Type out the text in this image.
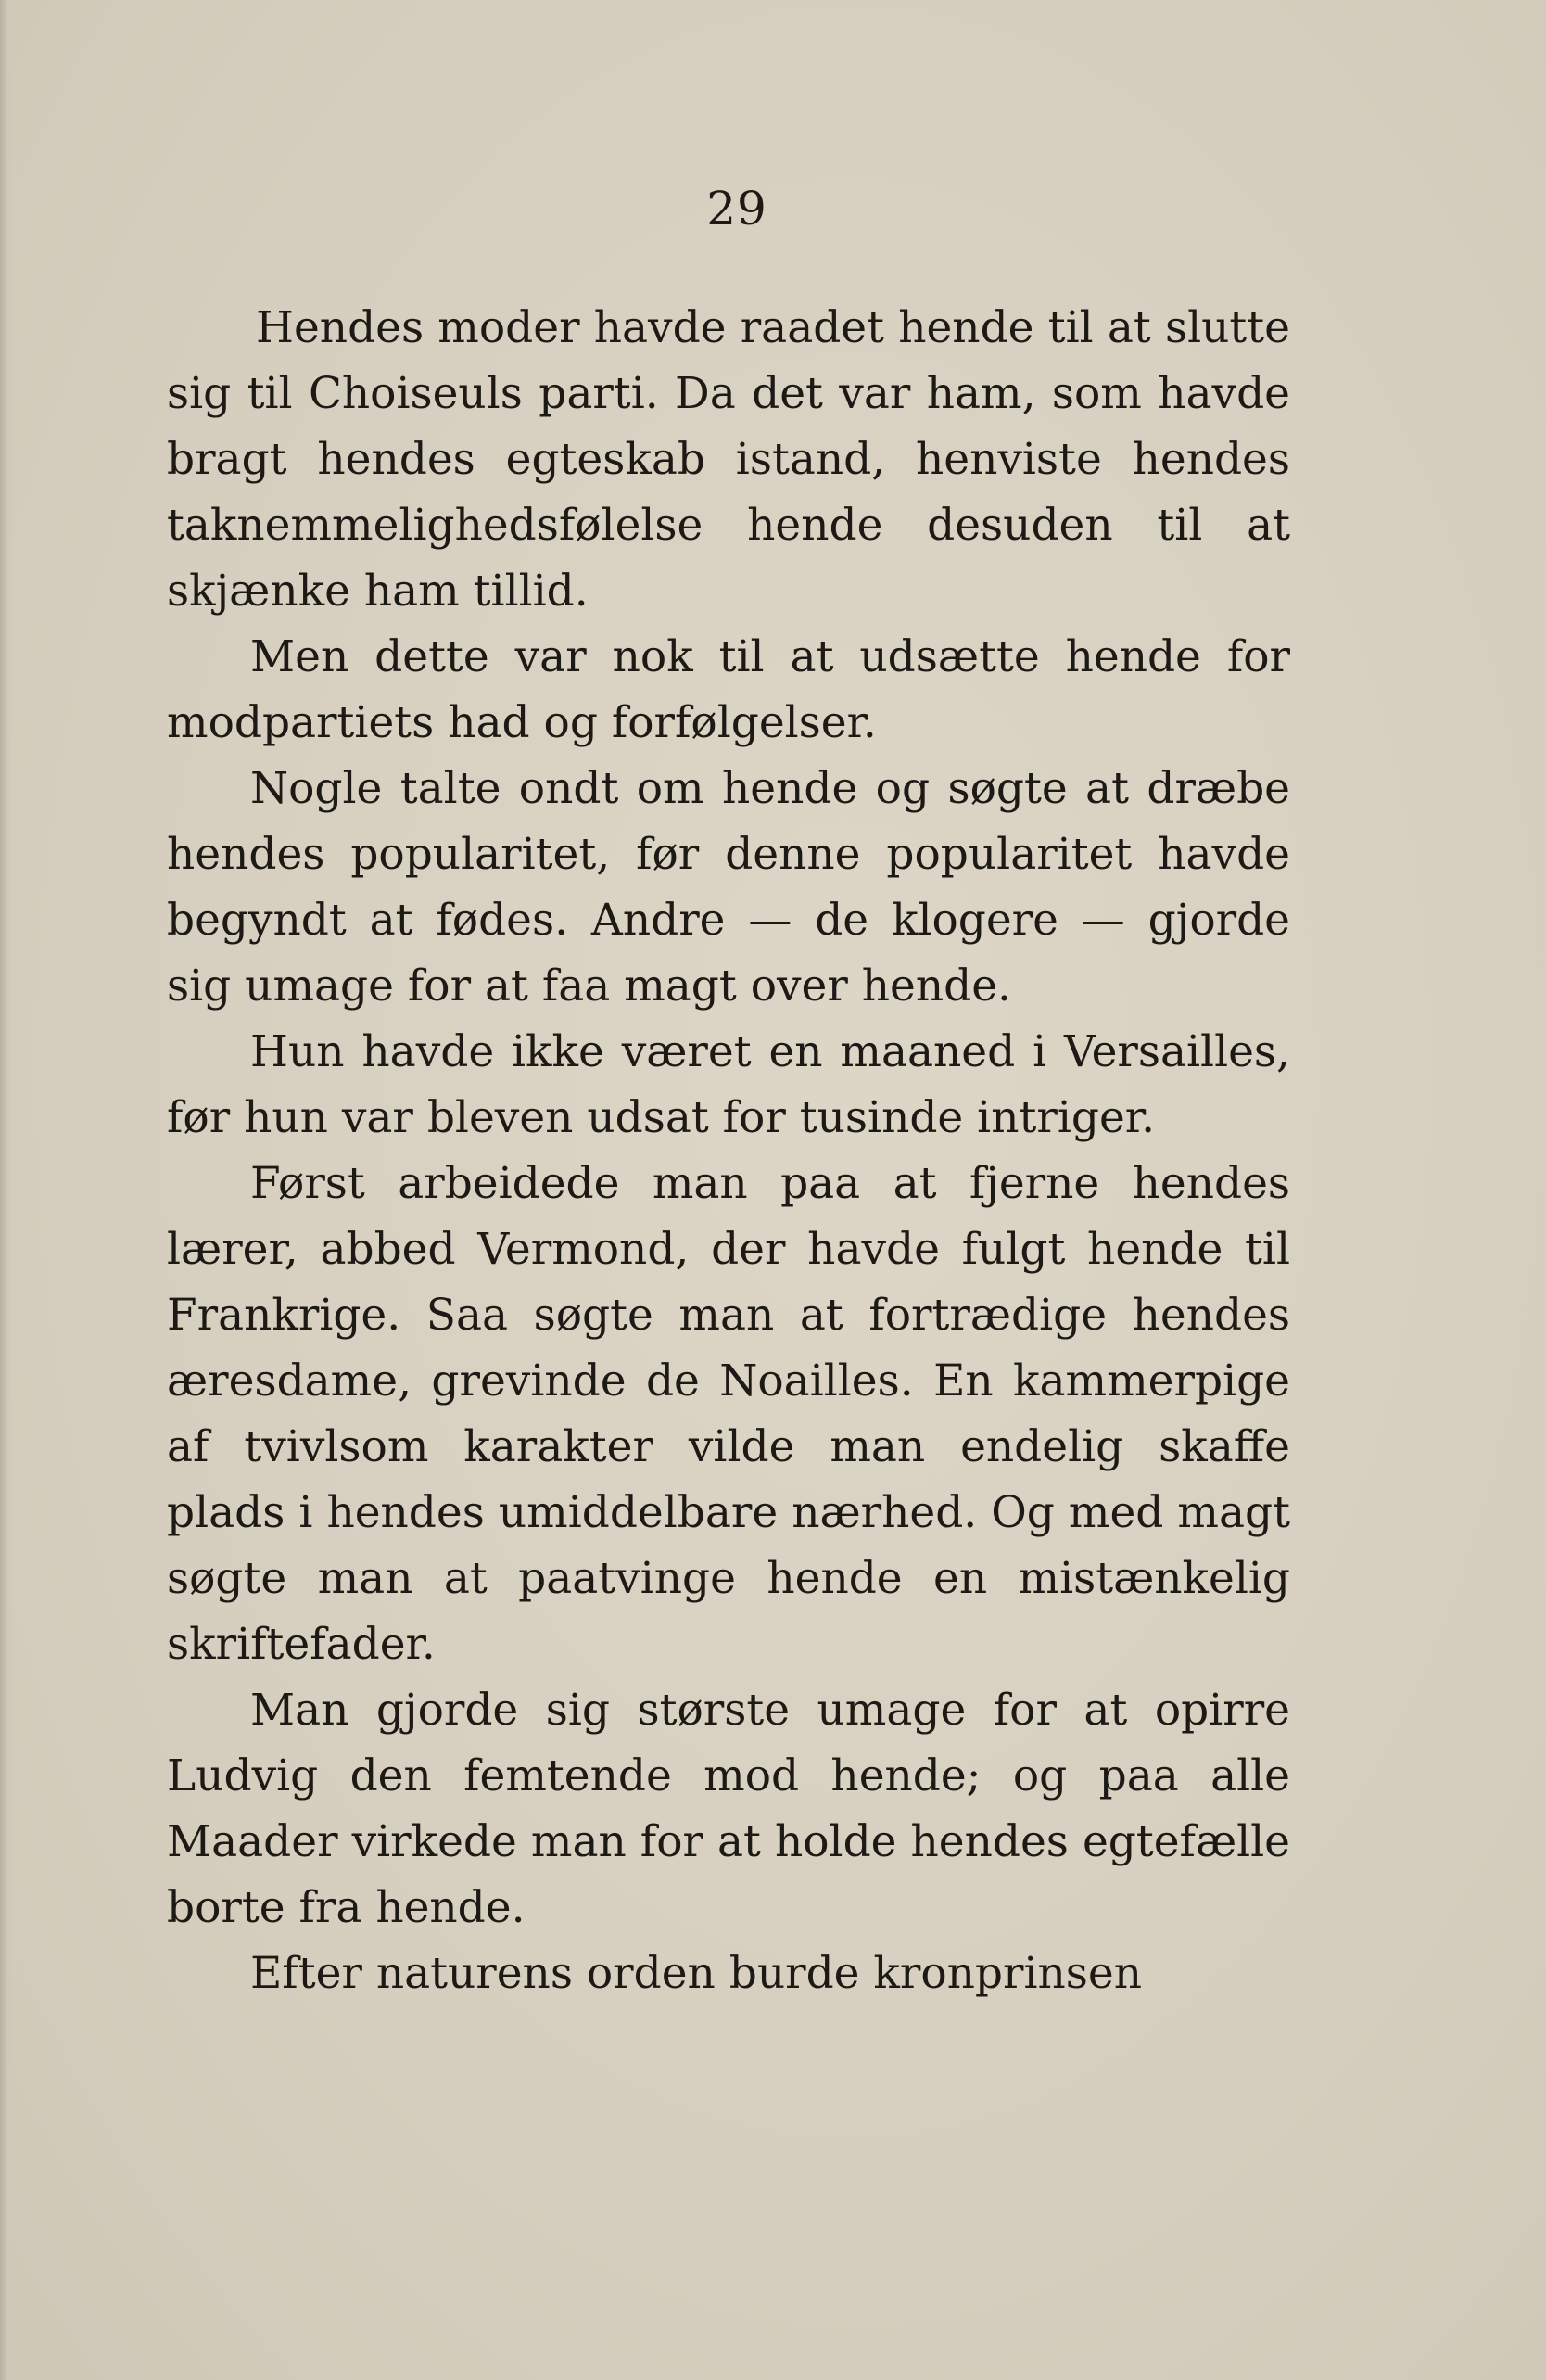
29

Hendes moder havde raadet hende til at slutte sig til Choiseuls parti. Da det var ham, som havde bragt hendes egteskab istand, henviste hendes taknemmelighedsfølelse hende desuden til at skjænke ham tillid.

Men dette var nok til at udsætte hende for modpartiets had og forfølgelser.

Nogle talte ondt om hende og søgte at dræbe hendes popularitet, før denne popularitet havde begyndt at fødes. Andre — de klogere — gjorde sig umage for at faa magt over hende.

Hun havde ikke været en maaned i Versailles, før hun var bleven udsat for tusinde intriger.

Først arbeidede man paa at fjerne hendes lærer, abbed Vermond, der havde fulgt hende til Frankrige. Saa søgte man at fortrædige hendes æresdame, grevinde de Noailles. En kammerpige af tvivlsom karakter vilde man endelig skaffe plads i hendes umiddelbare nærhed. Og med magt søgte man at paatvinge hende en mistænkelig skriftefader.

Man gjorde sig største umage for at opirre Ludvig den femtende mod hende; og paa alle Maader virkede man for at holde hendes egtefælle borte fra hende.

Efter naturens orden burde kronprinsen
